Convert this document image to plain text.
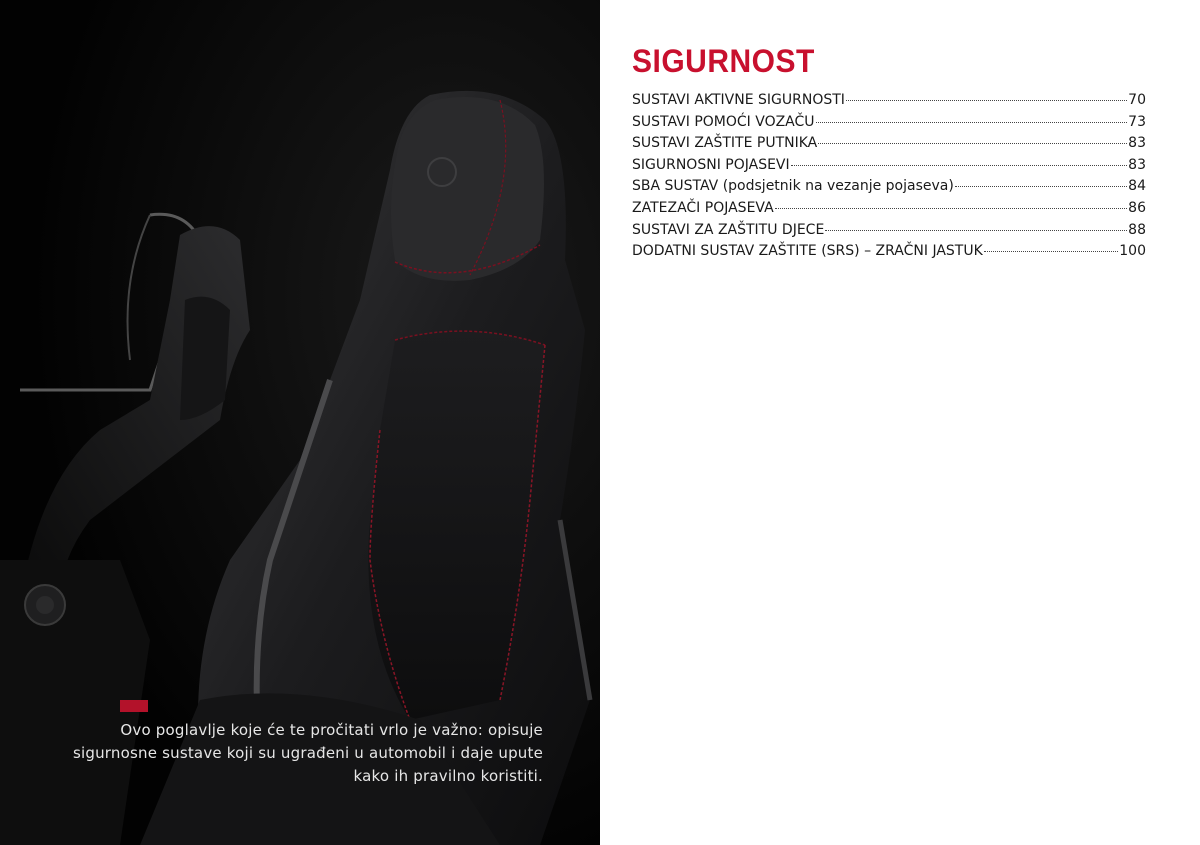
Ovo poglavlje koje će te pročitati vrlo je važno: opisuje sigurnosne sustave koji su ugrađeni u automobil i daje upute kako ih pravilno koristiti.
SIGURNOST
SUSTAVI AKTIVNE SIGURNOSTI	70
SUSTAVI POMOĆI VOZAČU	73
SUSTAVI ZAŠTITE PUTNIKA	83
SIGURNOSNI POJASEVI	83
SBA SUSTAV (podsjetnik na vezanje pojaseva)	84
ZATEZAČI POJASEVA	86
SUSTAVI ZA ZAŠTITU DJECE	88
DODATNI SUSTAV ZAŠTITE (SRS) – ZRAČNI JASTUK	100
